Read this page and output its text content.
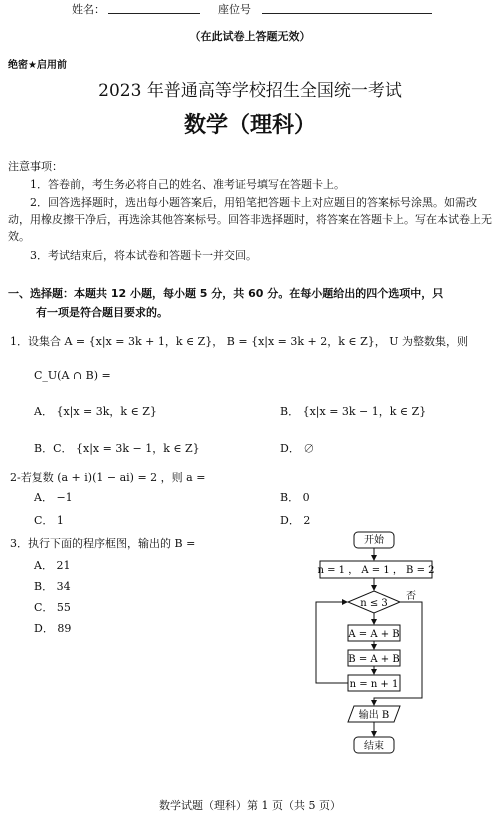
姓名：	座位号
（在此试卷上答题无效）
绝密★启用前
2023 年普通高等学校招生全国统一考试
数学（理科）
注意事项：
1．答卷前，考生务必将自己的姓名、准考证号填写在答题卡上。
2．回答选择题时，选出每小题答案后，用铅笔把答题卡上对应题目的答案标号涂黑。如需改动，用橡皮擦干净后，再选涂其他答案标号。回答非选择题时，将答案在答题卡上。写在本试卷上无效。
3．考试结束后，将本试卷和答题卡一并交回。
一、选择题：本题共 12 小题，每小题 5 分，共 60 分。在每小题给出的四个选项中，只
有一项是符合题目要求的。
1．设集合 A = {x|x = 3k + 1，k ∈ Z}， B = {x|x = 3k + 2，k ∈ Z}， U 为整数集，则
C_U(A ∩ B) =
A． {x|x = 3k，k ∈ Z}	B． {x|x = 3k − 1，k ∈ Z}
B．C． {x|x = 3k − 1，k ∈ Z}	D． ∅
2-若复数 (a + i)(1 − ai) = 2 ，则 a =
A． −1	B． 0
C． 1	D． 2
3．执行下面的程序框图，输出的 B =
A． 21
B． 34
C． 55
D． 89
开始
n = 1 ， A = 1 ， B = 2
n ≤ 3
否
A = A + B
B = A + B
n = n + 1
输出 B
结束
数学试题（理科）第 1 页（共 5 页）
